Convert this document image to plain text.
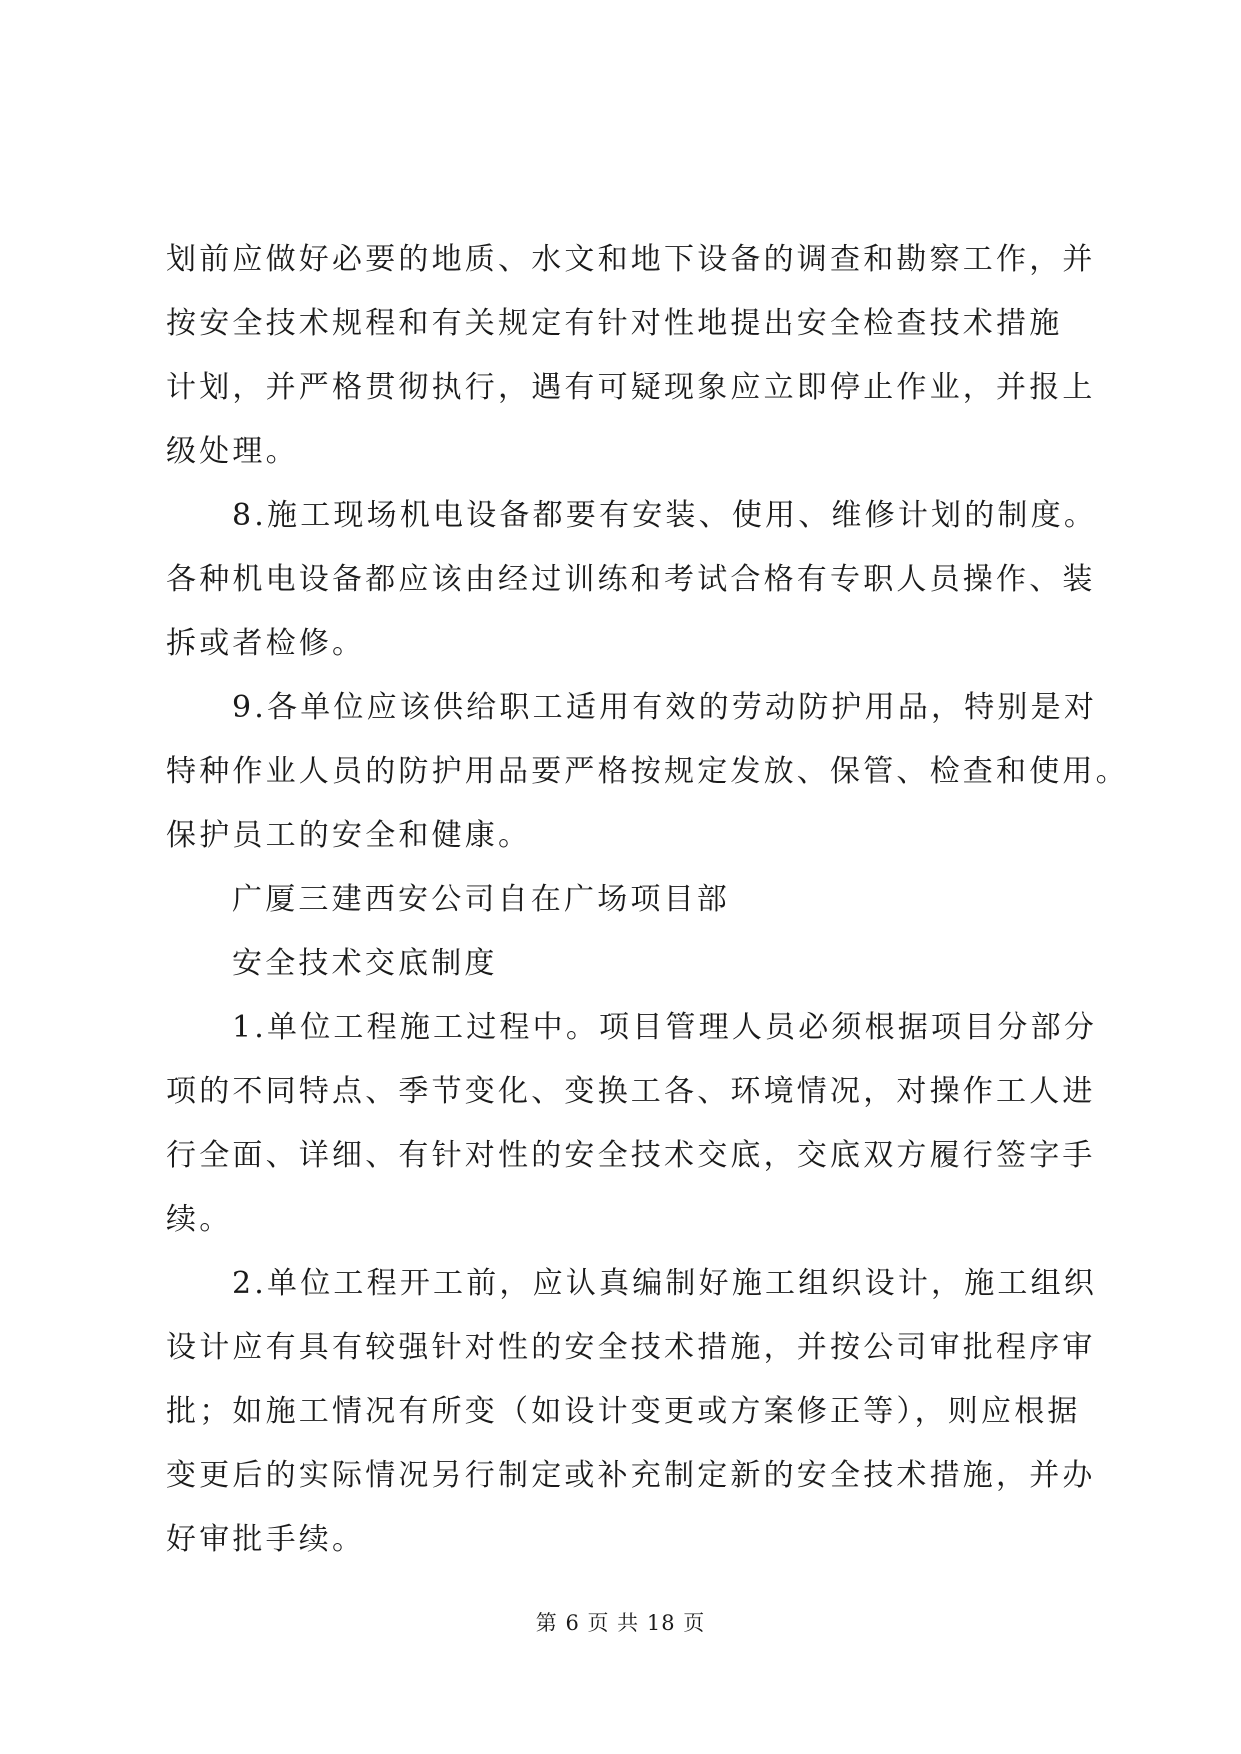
划前应做好必要的地质、水文和地下设备的调查和勘察工作，并
按安全技术规程和有关规定有针对性地提出安全检查技术措施
计划，并严格贯彻执行，遇有可疑现象应立即停止作业，并报上
级处理。
8.施工现场机电设备都要有安装、使用、维修计划的制度。
各种机电设备都应该由经过训练和考试合格有专职人员操作、装
拆或者检修。
9.各单位应该供给职工适用有效的劳动防护用品，特别是对
特种作业人员的防护用品要严格按规定发放、保管、检查和使用。
保护员工的安全和健康。
广厦三建西安公司自在广场项目部
安全技术交底制度
1.单位工程施工过程中。项目管理人员必须根据项目分部分
项的不同特点、季节变化、变换工各、环境情况，对操作工人进
行全面、详细、有针对性的安全技术交底，交底双方履行签字手
续。
2.单位工程开工前，应认真编制好施工组织设计，施工组织
设计应有具有较强针对性的安全技术措施，并按公司审批程序审
批；如施工情况有所变（如设计变更或方案修正等），则应根据
变更后的实际情况另行制定或补充制定新的安全技术措施，并办
好审批手续。
第 6 页 共 18 页
